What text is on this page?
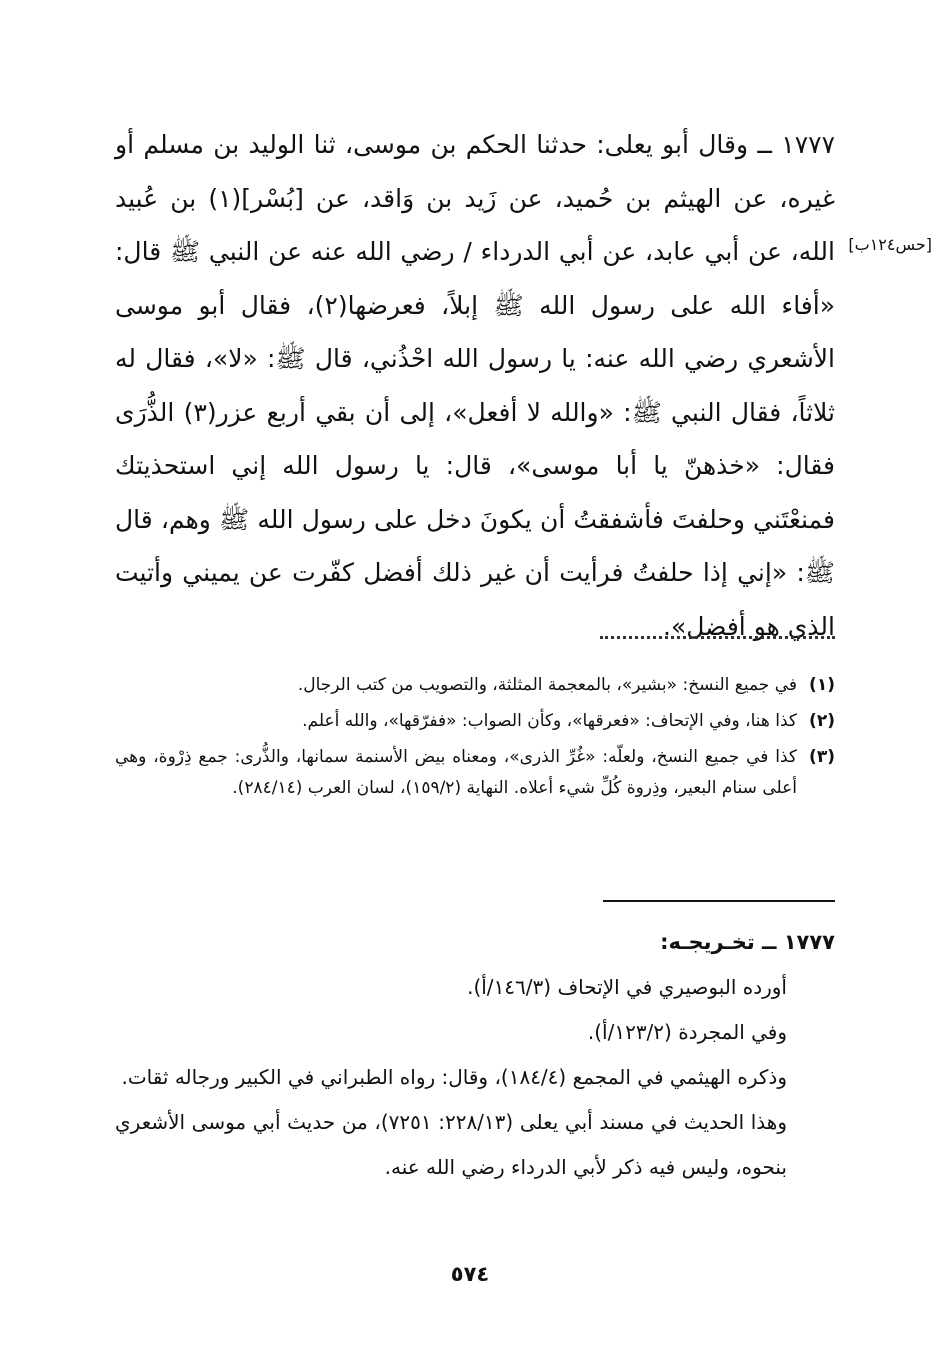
١٧٧٧ ــ وقال أبو يعلى: حدثنا الحكم بن موسى، ثنا الوليد بن مسلم أو غيره، عن الهيثم بن حُميد، عن زَيد بن وَاقد، عن [بُسْر](١) بن عُبيد الله، عن أبي عابد، عن أبي الدرداء / رضي الله عنه عن النبي ﷺ قال: «أفاء الله على رسول الله ﷺ إبلاً، فعرضها(٢)، فقال أبو موسى الأشعري رضي الله عنه: يا رسول الله احْذُني، قال ﷺ: «لا»، فقال له ثلاثاً، فقال النبي ﷺ: «والله لا أفعل»، إلى أن بقي أربع عزر(٣) الذُّرَى فقال: «خذهنّ يا أبا موسى»، قال: يا رسول الله إني استحذيتك فمنعْتَني وحلفتَ فأشفقتُ أن يكونَ دخل على رسول الله ﷺ وهم، قال ﷺ: «إني إذا حلفتُ فرأيت أن غير ذلك أفضل كفّرت عن يميني وأتيت الذي هو أفضل».

[حس١٢٤ب]
(١)
في جميع النسخ: «بشير»، بالمعجمة المثلثة، والتصويب من كتب الرجال.
(٢)
كذا هنا، وفي الإتحاف: «فعرقها»، وكأن الصواب: «ففرّقها»، والله أعلم.
(٣)
كذا في جميع النسخ، ولعلّه: «غُرِّ الذرى»، ومعناه بيض الأسنمة سمانها، والذُّرى: جمع ذِرْوة، وهي أعلى سنام البعير، وذِروة كُلِّ شيء أعلاه. النهاية (١٥٩/٢)، لسان العرب (٢٨٤/١٤).

١٧٧٧ ــ تخـريجـه:

أورده البوصيري في الإتحاف (١٤٦/٣/أ).

وفي المجردة (١٢٣/٢/أ).

وذكره الهيثمي في المجمع (١٨٤/٤)، وقال: رواه الطبراني في الكبير ورجاله ثقات.

وهذا الحديث في مسند أبي يعلى (٢٢٨/١٣: ٧٢٥١)، من حديث أبي موسى الأشعري بنحوه، وليس فيه ذكر لأبي الدرداء رضي الله عنه.

٥٧٤
